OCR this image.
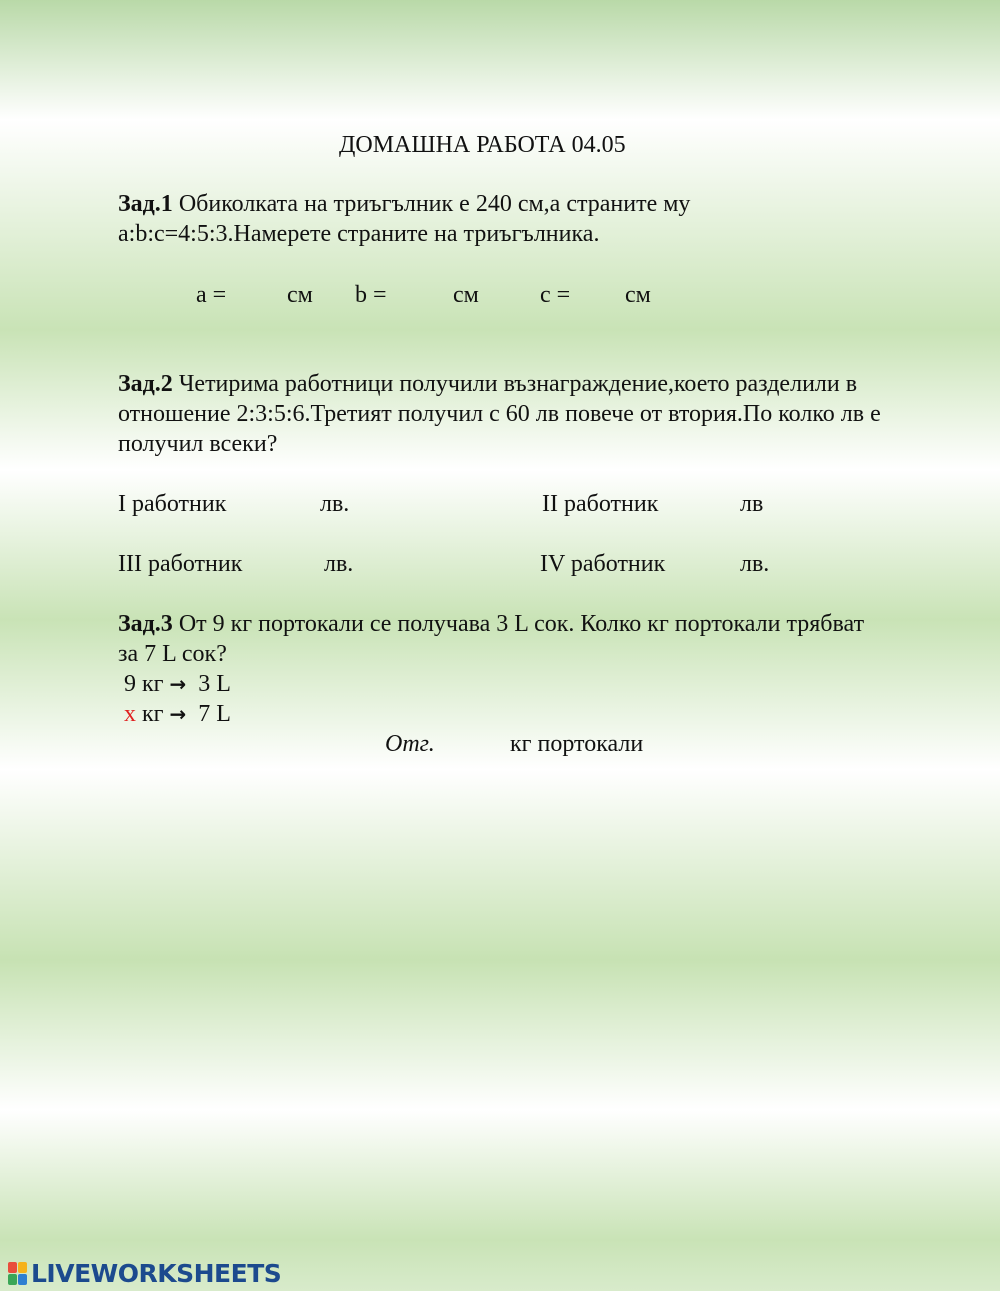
ДОМАШНА РАБОТА 04.05
Зад.1 Обиколката на триъгълник е 240 см,а страните му
a:b:c=4:5:3.Намерете страните на триъгълника.
a =	см b =	см	c = см
Зад.2 Четирима работници получили възнаграждение,което разделили в
отношение 2:3:5:6.Третият получил с 60 лв повече от втория.По колко лв е
получил всеки?
I работник	лв.	II работник	лв
III работник	лв.	IV работник	лв.
Зад.3 От 9 кг портокали се получава 3 L сок. Колко кг портокали трябват
за 7 L сок?
9 кг → 3 L
x кг → 7 L
Отг.	кг портокали
LIVEWORKSHEETS
